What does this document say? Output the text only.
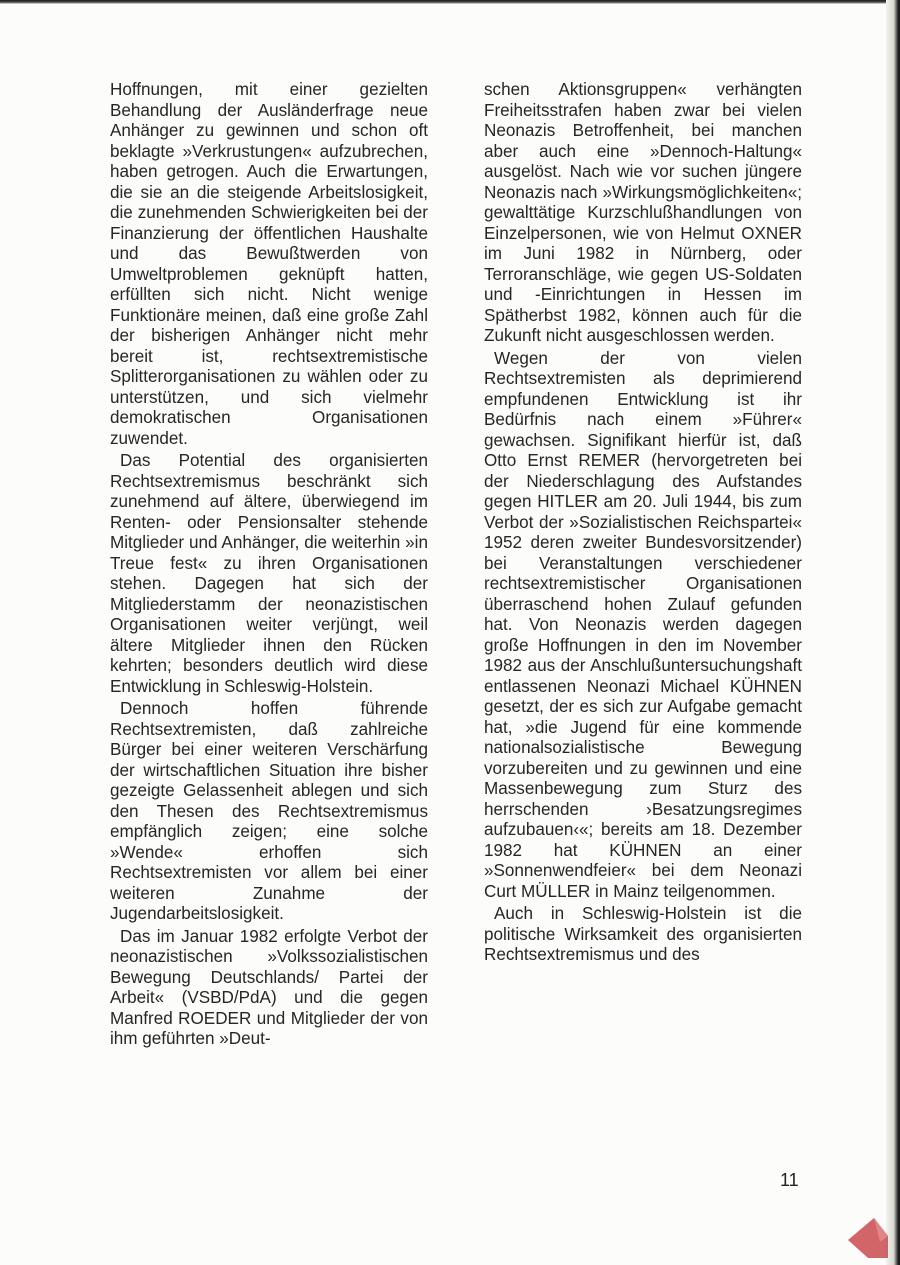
Hoffnungen, mit einer gezielten Behandlung der Ausländerfrage neue Anhänger zu gewinnen und schon oft beklagte »Verkrustungen« aufzubrechen, haben getrogen. Auch die Erwartungen, die sie an die steigende Arbeitslosigkeit, die zunehmenden Schwierigkeiten bei der Finanzierung der öffentlichen Haushalte und das Bewußtwerden von Umweltproblemen geknüpft hatten, erfüllten sich nicht. Nicht wenige Funktionäre meinen, daß eine große Zahl der bisherigen Anhänger nicht mehr bereit ist, rechtsextremistische Splitterorganisationen zu wählen oder zu unterstützen, und sich vielmehr demokratischen Organisationen zuwendet.

Das Potential des organisierten Rechtsextremismus beschränkt sich zunehmend auf ältere, überwiegend im Renten- oder Pensionsalter stehende Mitglieder und Anhänger, die weiterhin »in Treue fest« zu ihren Organisationen stehen. Dagegen hat sich der Mitgliederstamm der neonazistischen Organisationen weiter verjüngt, weil ältere Mitglieder ihnen den Rücken kehrten; besonders deutlich wird diese Entwicklung in Schleswig-Holstein.

Dennoch hoffen führende Rechtsextremisten, daß zahlreiche Bürger bei einer weiteren Verschärfung der wirtschaftlichen Situation ihre bisher gezeigte Gelassenheit ablegen und sich den Thesen des Rechtsextremismus empfänglich zeigen; eine solche »Wende« erhoffen sich Rechtsextremisten vor allem bei einer weiteren Zunahme der Jugendarbeitslosigkeit.

Das im Januar 1982 erfolgte Verbot der neonazistischen »Volkssozialistischen Bewegung Deutschlands/ Partei der Arbeit« (VSBD/PdA) und die gegen Manfred ROEDER und Mitglieder der von ihm geführten »Deut-

schen Aktionsgruppen« verhängten Freiheitsstrafen haben zwar bei vielen Neonazis Betroffenheit, bei manchen aber auch eine »Dennoch-Haltung« ausgelöst. Nach wie vor suchen jüngere Neonazis nach »Wirkungsmöglichkeiten«; gewalttätige Kurzschlußhandlungen von Einzelpersonen, wie von Helmut OXNER im Juni 1982 in Nürnberg, oder Terroranschläge, wie gegen US-Soldaten und -Einrichtungen in Hessen im Spätherbst 1982, können auch für die Zukunft nicht ausgeschlossen werden.

Wegen der von vielen Rechtsextremisten als deprimierend empfundenen Entwicklung ist ihr Bedürfnis nach einem »Führer« gewachsen. Signifikant hierfür ist, daß Otto Ernst REMER (hervorgetreten bei der Niederschlagung des Aufstandes gegen HITLER am 20. Juli 1944, bis zum Verbot der »Sozialistischen Reichspartei« 1952 deren zweiter Bundesvorsitzender) bei Veranstaltungen verschiedener rechtsextremistischer Organisationen überraschend hohen Zulauf gefunden hat. Von Neonazis werden dagegen große Hoffnungen in den im November 1982 aus der Anschlußuntersuchungshaft entlassenen Neonazi Michael KÜHNEN gesetzt, der es sich zur Aufgabe gemacht hat, »die Jugend für eine kommende nationalsozialistische Bewegung vorzubereiten und zu gewinnen und eine Massenbewegung zum Sturz des herrschenden ›Besatzungsregimes aufzubauen‹«; bereits am 18. Dezember 1982 hat KÜHNEN an einer »Sonnenwendfeier« bei dem Neonazi Curt MÜLLER in Mainz teilgenommen.

Auch in Schleswig-Holstein ist die politische Wirksamkeit des organisierten Rechtsextremismus und des

11
